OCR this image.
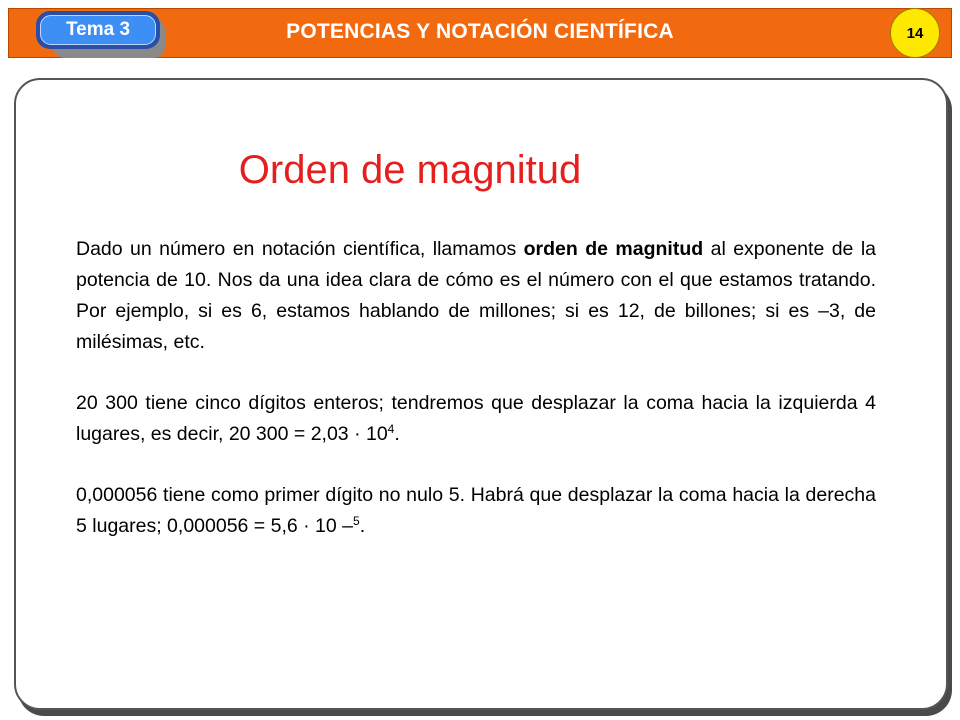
Tema 3	POTENCIAS Y NOTACIÓN CIENTÍFICA	14
Orden de magnitud
Dado un número en notación científica, llamamos orden de magnitud al exponente de la potencia de 10. Nos da una idea clara de cómo es el número con el que estamos tratando. Por ejemplo, si es 6, estamos hablando de millones; si es 12, de billones; si es –3, de milésimas, etc.
20 300 tiene cinco dígitos enteros; tendremos que desplazar la coma hacia la izquierda 4 lugares, es decir, 20 $300 = 2,03 \cdot 10^4$.
0,000056 tiene como primer dígito no nulo 5. Habrá que desplazar la coma hacia la derecha 5 lugares; 0,000056 = 5,6 · 10 –$^5$.
